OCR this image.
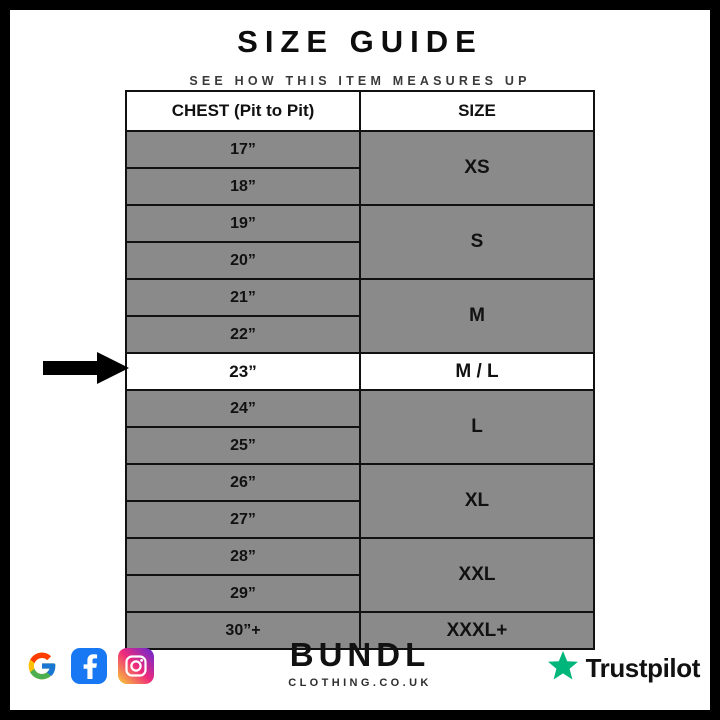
SIZE GUIDE
SEE HOW THIS ITEM MEASURES UP
CHEST (Pit to Pit)	SIZE
17”	XS
18”	
19”	S
20”	
21”	M
22”	
23”	M / L
24”	L
25”	
26”	XL
27”	
28”	XXL
29”	
30”+	XXXL+
BUNDL
CLOTHING.CO.UK	Trustpilot
